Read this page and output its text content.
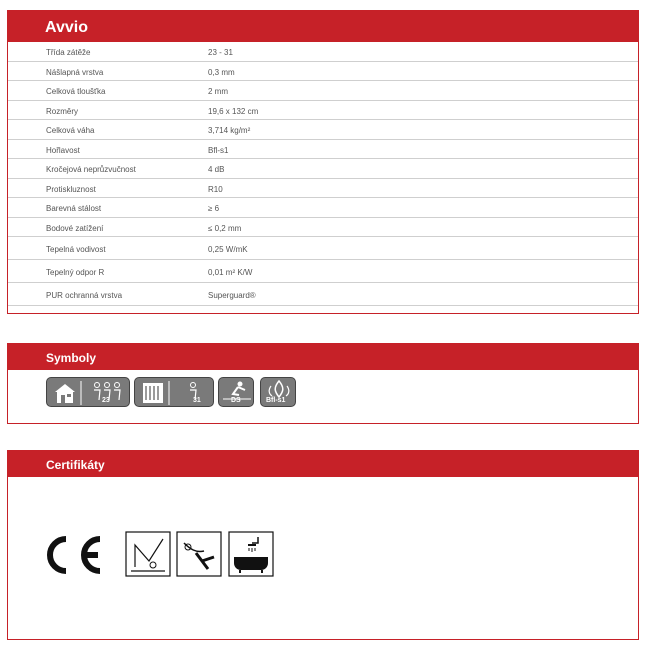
Avvio
Třída zátěže	23 - 31
Nášlapná vrstva	0,3 mm
Celková tloušťka	2 mm
Rozměry	19,6 x 132 cm
Celková váha	3,714 kg/m²
Hořlavost	Bfl-s1
Kročejová neprůzvučnost	4 dB
Protiskluznost	R10
Barevná stálost	≥ 6
Bodové zatížení	≤ 0,2 mm
Tepelná vodivost	0,25 W/mK
Tepelný odpor R	0,01 m² K/W
PUR ochranná vrstva	Superguard®
Symboly
23	31	DS	Bfl-s1
Certifikáty
